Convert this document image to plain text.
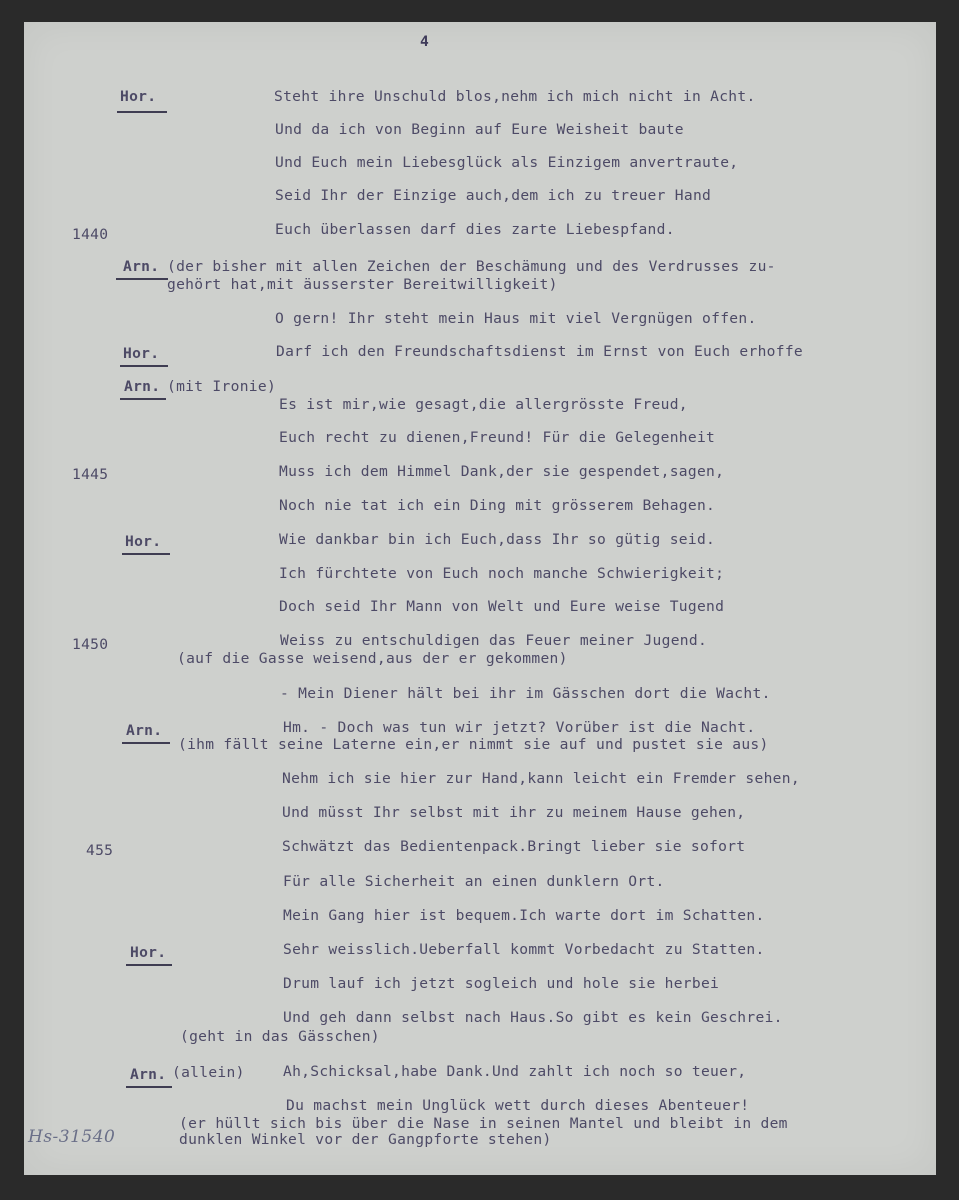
4
1440
1445
1450
455
Hor.
Arn.
Hor.
Arn.
Hor.
Arn.
Hor.
Arn.
Steht ihre Unschuld blos,nehm ich mich nicht in Acht.
Und da ich von Beginn auf Eure Weisheit baute
Und Euch mein Liebesglück als Einzigem anvertraute,
Seid Ihr der Einzige auch,dem ich zu treuer Hand
Euch überlassen darf dies zarte Liebespfand.
(der bisher mit allen Zeichen der Beschämung und des Verdrusses zu-
gehört hat,mit äusserster Bereitwilligkeit)
O gern! Ihr steht mein Haus mit viel Vergnügen offen.
Darf ich den Freundschaftsdienst im Ernst von Euch erhoffe
(mit Ironie)
Es ist mir,wie gesagt,die allergrösste Freud,
Euch recht zu dienen,Freund! Für die Gelegenheit
Muss ich dem Himmel Dank,der sie gespendet,sagen,
Noch nie tat ich ein Ding mit grösserem Behagen.
Wie dankbar bin ich Euch,dass Ihr so gütig seid.
Ich fürchtete von Euch noch manche Schwierigkeit;
Doch seid Ihr Mann von Welt und Eure weise Tugend
Weiss zu entschuldigen das Feuer meiner Jugend.
(auf die Gasse weisend,aus der er gekommen)
- Mein Diener hält bei ihr im Gässchen dort die Wacht.
Hm. - Doch was tun wir jetzt? Vorüber ist die Nacht.
(ihm fällt seine Laterne ein,er nimmt sie auf und pustet sie aus)
Nehm ich sie hier zur Hand,kann leicht ein Fremder sehen,
Und müsst Ihr selbst mit ihr zu meinem Hause gehen,
Schwätzt das Bedientenpack.Bringt lieber sie sofort
Für alle Sicherheit an einen dunklern Ort.
Mein Gang hier ist bequem.Ich warte dort im Schatten.
Sehr weisslich.Ueberfall kommt Vorbedacht zu Statten.
Drum lauf ich jetzt sogleich und hole sie herbei
Und geh dann selbst nach Haus.So gibt es kein Geschrei.
(geht in das Gässchen)
(allein)	Ah,Schicksal,habe Dank.Und zahlt ich noch so teuer,
Du machst mein Unglück wett durch dieses Abenteuer!
(er hüllt sich bis über die Nase in seinen Mantel und bleibt in dem
dunklen Winkel vor der Gangpforte stehen)
Hs-31540
